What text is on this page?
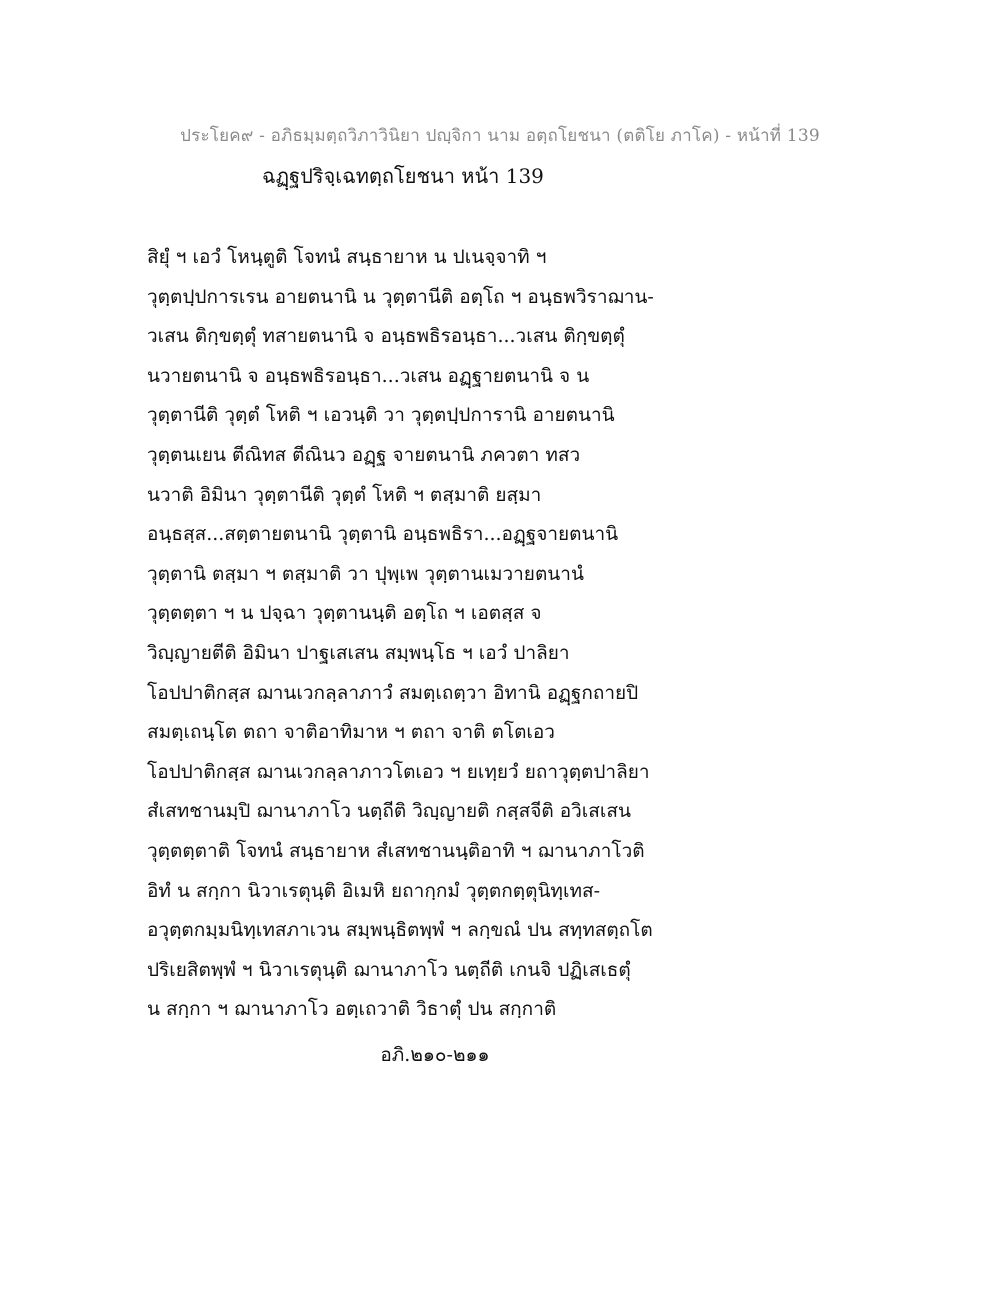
ประโยค๙ - อภิธมฺมตฺถวิภาวินิยา ปญฺจิกา นาม อตฺถโยชนา (ตติโย ภาโค) - หน้าที่ 139
ฉฏฺฐปริจฺเฉทตฺถโยชนา หน้า 139
สิยุํ ฯ เอวํ โหนฺตูติ โจทนํ สนฺธายาห น ปเนจฺจาทิ ฯ
วุตฺตปฺปการเรน อายตนานิ น วุตฺตานีติ อตฺโถ ฯ อนฺธพวิราฌาน-
วเสน ติกฺขตฺตุํ ทสายตนานิ จ อนฺธพธิรอนฺธา...วเสน ติกฺขตฺตุํ
นวายตนานิ จ อนฺธพธิรอนฺธา...วเสน อฏฺฐายตนานิ จ น
วุตฺตานีติ วุตฺตํ โหติ ฯ เอวนฺติ วา วุตฺตปฺปการานิ อายตนานิ
วุตฺตนเยน ตีณิทส ตีณินว อฏฺฐ จายตนานิ ภควตา ทสว
นวาติ อิมินา วุตฺตานีติ วุตฺตํ โหติ ฯ ตสฺมาติ ยสฺมา
อนฺธสฺส...สตฺตายตนานิ วุตฺตานิ อนฺธพธิรา...อฏฺฐจายตนานิ
วุตฺตานิ ตสฺมา ฯ ตสฺมาติ วา ปุพฺเพ วุตฺตานเมวายตนานํ
วุตฺตตฺตา ฯ น ปจฺฉา วุตฺตานนฺติ อตฺโถ ฯ เอตสฺส จ
วิญฺญายตีติ อิมินา ปาฐเสเสน สมฺพนฺโธ ฯ เอวํ ปาลิยา
โอปปาติกสฺส ฌานเวกลฺลาภาวํ สมตฺเถตฺวา อิทานิ อฏฺฐกถายปิ
สมตฺเถนฺโต ตถา จาติอาทิมาห ฯ ตถา จาติ ตโตเอว
โอปปาติกสฺส ฌานเวกลฺลาภาวโตเอว ฯ ยเทฺยวํ ยถาวุตฺตปาลิยา
สํเสทชานมฺปิ ฌานาภาโว นตฺถีติ วิญฺญายติ กสฺสจีติ อวิเสเสน
วุตฺตตฺตาติ โจทนํ สนฺธายาห สํเสทชานนฺติอาทิ ฯ ฌานาภาโวติ
อิทํ น สกฺกา นิวาเรตุนฺติ อิเมหิ ยถากฺกมํ วุตฺตกตฺตุนิทฺเทส-
อวุตฺตกมฺมนิทฺเทสภาเวน สมฺพนฺธิตพฺพํ ฯ ลกฺขณํ ปน สทฺทสตฺถโต
ปริเยสิตพฺพํ ฯ นิวาเรตุนฺติ ฌานาภาโว นตฺถีติ เกนจิ ปฏิเสเธตุํ
น สกฺกา ฯ ฌานาภาโว อตฺเถวาติ วิธาตุํ ปน สกฺกาติ
อภิ.๒๑๐-๒๑๑
